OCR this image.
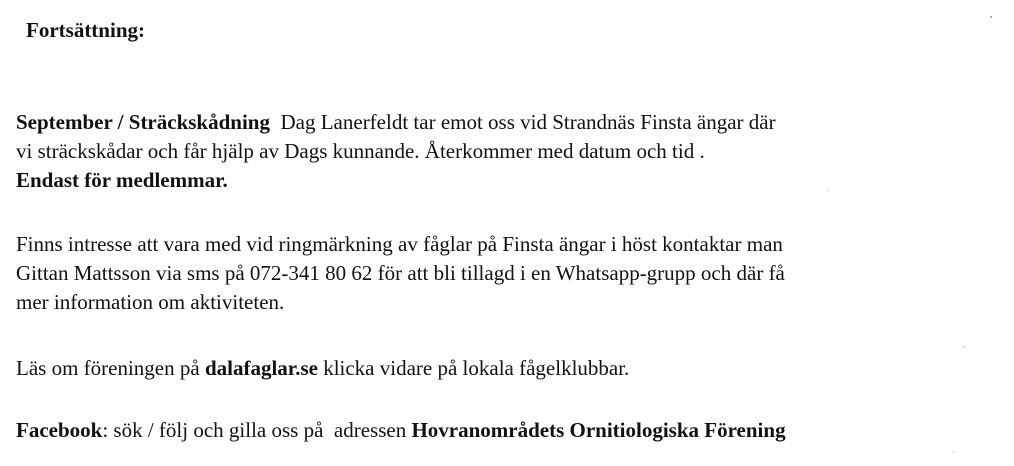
Fortsättning:

September / Sträckskådning Dag Lanerfeldt tar emot oss vid Strandnäs Finsta ängar där
vi sträckskådar och får hjälp av Dags kunnande. Återkommer med datum och tid .
Endast för medlemmar.

Finns intresse att vara med vid ringmärkning av fåglar på Finsta ängar i höst kontaktar man
Gittan Mattsson via sms på 072-341 80 62 för att bli tillagd i en Whatsapp-grupp och där få
mer information om aktiviteten.

Läs om föreningen på dalafaglar.se klicka vidare på lokala fågelklubbar.

Facebook: sök / följ och gilla oss på  adressen Hovranområdets Ornitiologiska Förening
